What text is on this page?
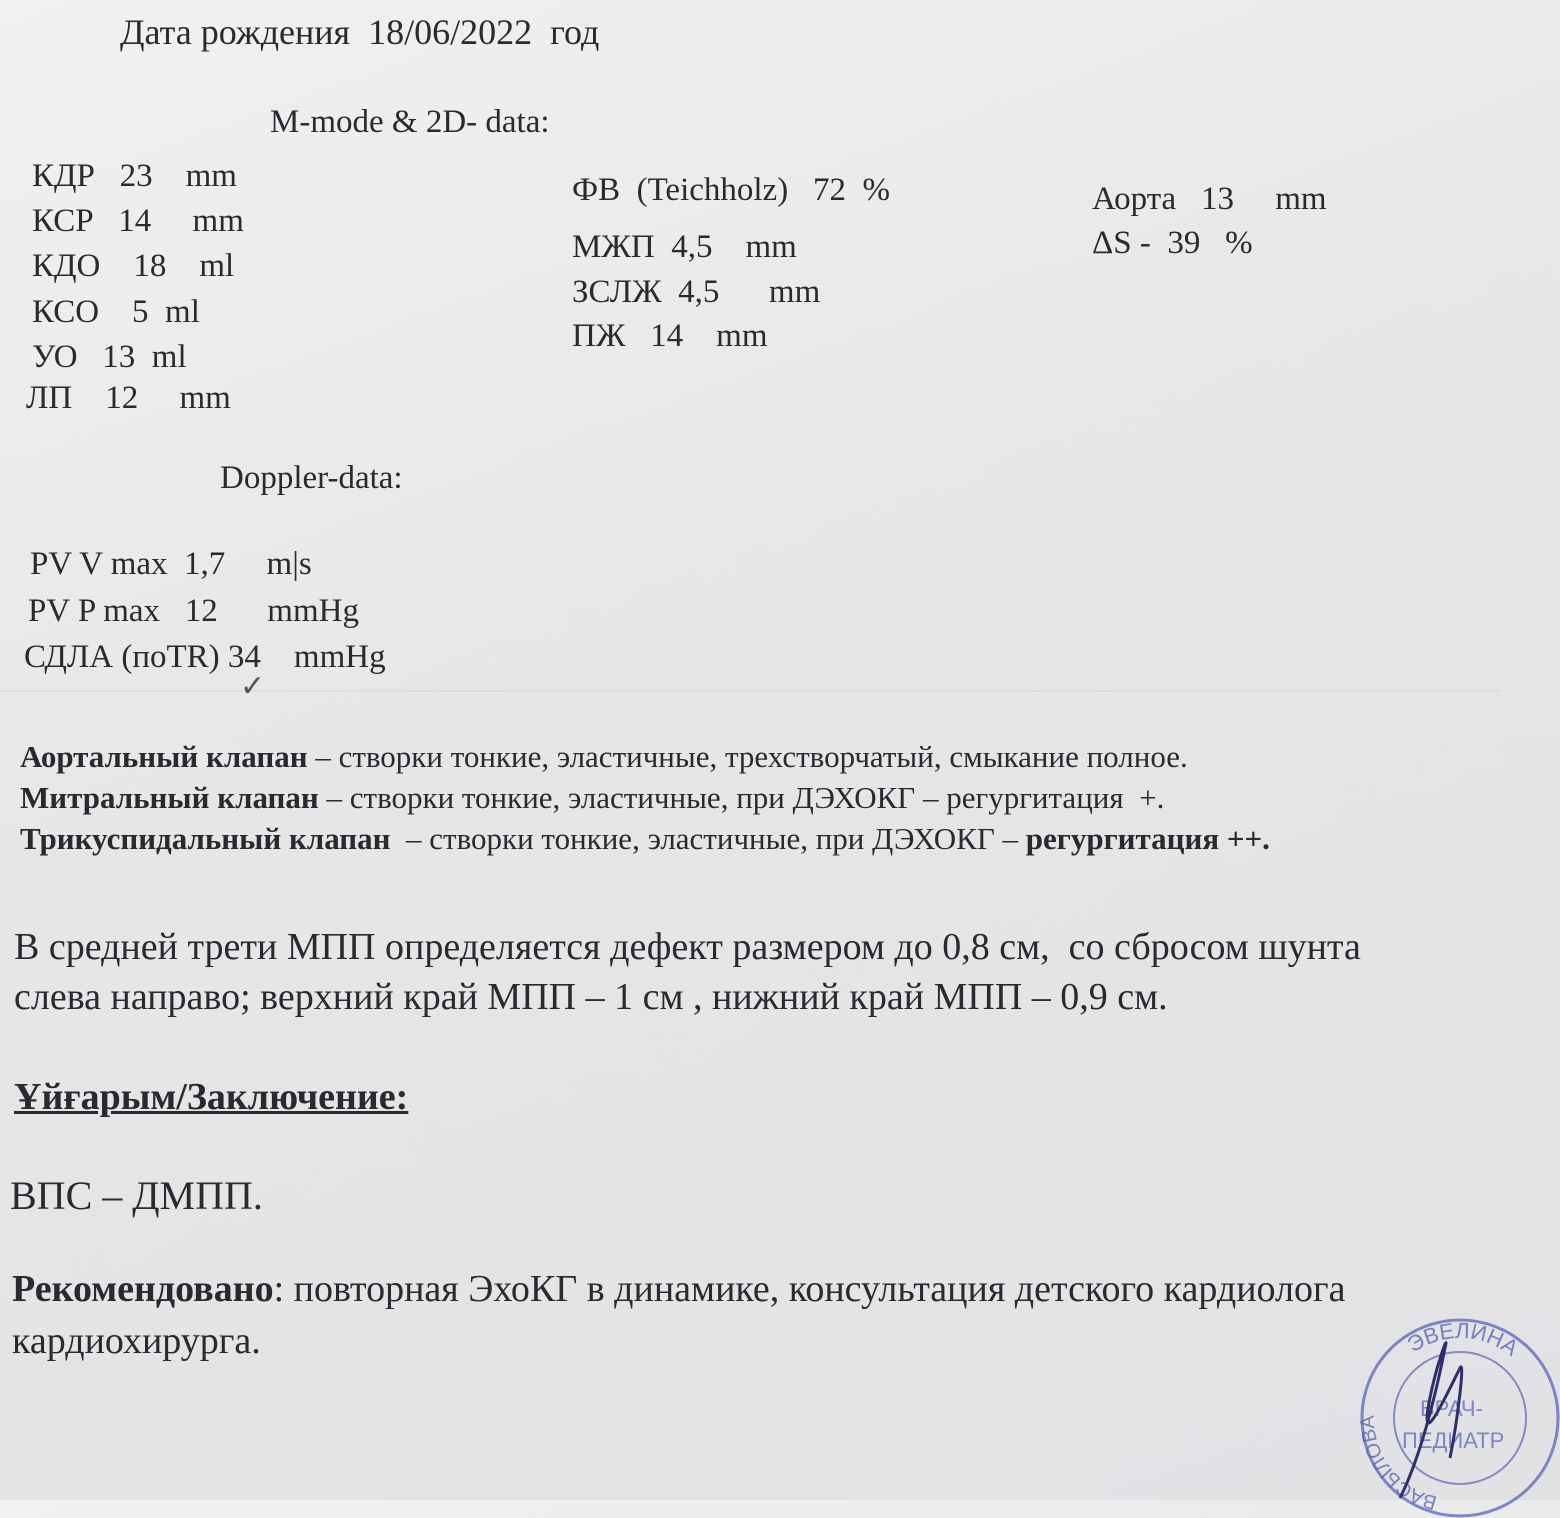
Дата рождения  18/06/2022  год
M-mode & 2D- data:
КДР   23    mm
КСР   14     mm
КДО    18    ml
КСО    5  ml
УО   13  ml
ЛП    12     mm
ФВ  (Teichholz)   72  %
МЖП  4,5    mm
ЗСЛЖ  4,5      mm
ПЖ   14    mm
Аорта   13     mm
ΔS -  39   %
Doppler-data:
PV V max  1,7     m|s
PV P max   12      mmHg
СДЛА (поTR) 34    mmHg
✓
Аортальный клапан – створки тонкие, эластичные, трехстворчатый, смыкание полное.
Митральный клапан – створки тонкие, эластичные, при ДЭХОКГ – регургитация  +.
Трикуспидальный клапан  – створки тонкие, эластичные, при ДЭХОКГ – регургитация ++.
В средней трети МПП определяется дефект размером до 0,8 см,  со сбросом шунта
слева направо; верхний край МПП – 1 см , нижний край МПП – 0,9 см.
Ұйғарым/Заключение:
ВПС – ДМПП.
Рекомендовано: повторная ЭхоКГ в динамике, консультация детского кардиолога
кардиохирурга.	ЭВЕЛИНА
ВАСЫЛОВА
ВРАЧ-
ПЕДИАТР
